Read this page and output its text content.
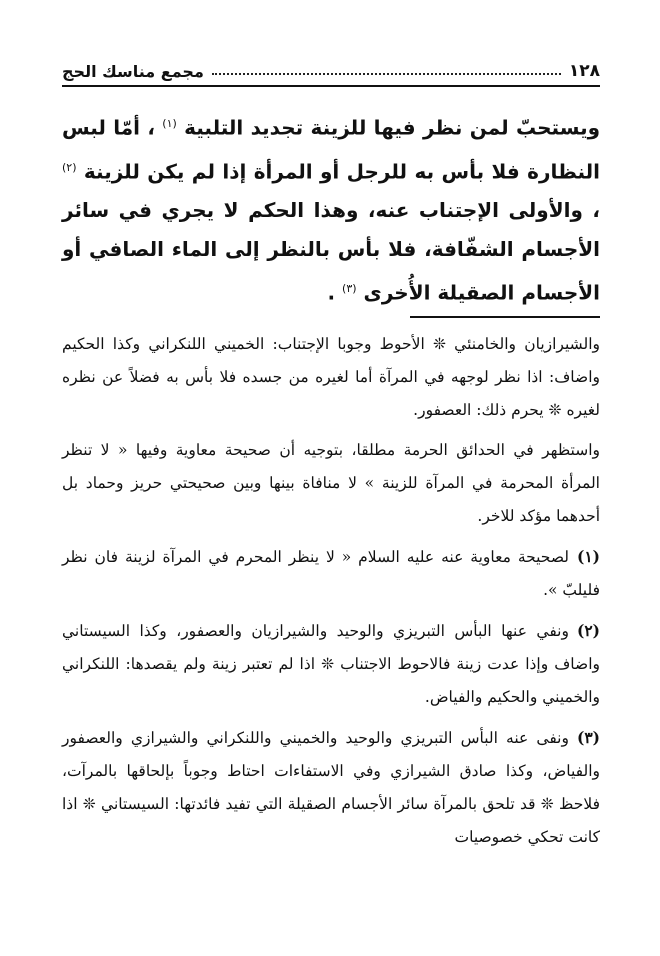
١٢٨
مجمع مناسك الحج
ويستحبّ لمن نظر فيها للزينة تجديد التلبية $^{(١)}$ ، أمّا لبس النظارة فلا بأس به للرجل أو المرأة إذا لم يكن للزينة $^{(٢)}$ ، والأولى الإجتناب عنه، وهذا الحكم لا يجري في سائر الأجسام الشفّافة، فلا بأس بالنظر إلى الماء الصافي أو الأجسام الصقيلة الأُخرى $^{(٣)}$ .

والشيرازيان والخامنئي ❊ الأحوط وجوبا الإجتناب: الخميني اللنكراني وكذا الحكيم واضاف: اذا نظر لوجهه في المرآة أما لغيره من جسده فلا بأس به فضلاً عن نظره لغيره ❊ يحرم ذلك: العصفور.

واستظهر في الحدائق الحرمة مطلقا، بتوجيه أن صحيحة معاوية وفيها « لا تنظر المرأة المحرمة في المرآة للزينة » لا منافاة بينها وبين صحيحتي حريز وحماد بل أحدهما مؤكد للاخر.

(١)لصحيحة معاوية عنه عليه السلام « لا ينظر المحرم في المرآة لزينة فان نظر فليلبّ ».

(٢)ونفي عنها البأس التبريزي والوحيد والشيرازيان والعصفور، وكذا السيستاني واضاف وإذا عدت زينة فالاحوط الاجتناب ❊ اذا لم تعتبر زينة ولم يقصدها: اللنكراني والخميني والحكيم والفياض.

(٣)ونفى عنه البأس التبريزي والوحيد والخميني واللنكراني والشيرازي والعصفور والفياض، وكذا صادق الشيرازي وفي الاستفاءات احتاط وجوباً بإلحاقها بالمرآت، فلاحظ ❊ قد تلحق بالمرآة سائر الأجسام الصقيلة التي تفيد فائدتها: السيستاني ❊ اذا كانت تحكي خصوصيات
